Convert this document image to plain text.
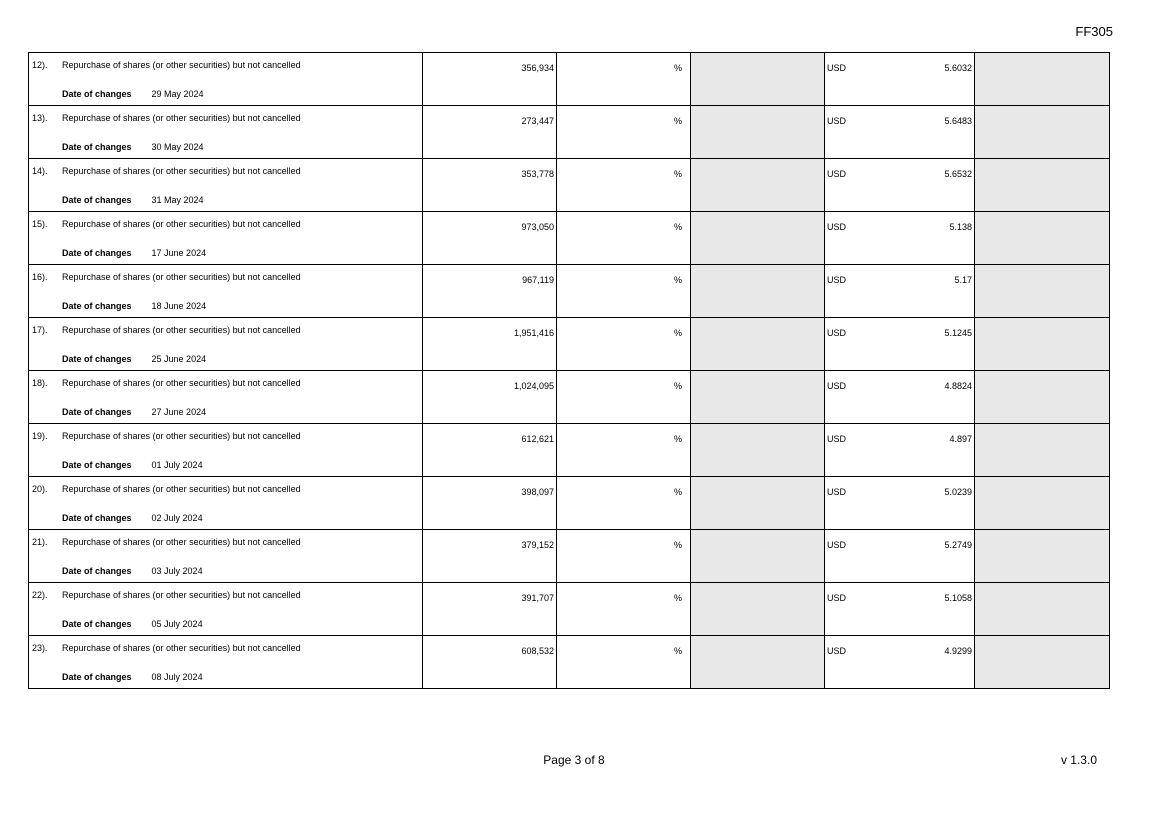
FF305
12). Repurchase of shares (or other securities) but not cancelled
Date of changes 29 May 2024	356,934	%		USD 5.6032	

13). Repurchase of shares (or other securities) but not cancelled
Date of changes 30 May 2024	273,447	%		USD 5.6483	

14). Repurchase of shares (or other securities) but not cancelled
Date of changes 31 May 2024	353,778	%		USD 5.6532	

15). Repurchase of shares (or other securities) but not cancelled
Date of changes 17 June 2024	973,050	%		USD 5.138	

16). Repurchase of shares (or other securities) but not cancelled
Date of changes 18 June 2024	967,119	%		USD 5.17	

17). Repurchase of shares (or other securities) but not cancelled
Date of changes 25 June 2024	1,951,416	%		USD 5.1245	

18). Repurchase of shares (or other securities) but not cancelled
Date of changes 27 June 2024	1,024,095	%		USD 4.8824	

19). Repurchase of shares (or other securities) but not cancelled
Date of changes 01 July 2024	612,621	%		USD 4.897	

20). Repurchase of shares (or other securities) but not cancelled
Date of changes 02 July 2024	398,097	%		USD 5.0239	

21). Repurchase of shares (or other securities) but not cancelled
Date of changes 03 July 2024	379,152	%		USD 5.2749	

22). Repurchase of shares (or other securities) but not cancelled
Date of changes 05 July 2024	391,707	%		USD 5.1058	

23). Repurchase of shares (or other securities) but not cancelled
Date of changes 08 July 2024	608,532	%		USD 4.9299	

Page 3 of 8	v 1.3.0
